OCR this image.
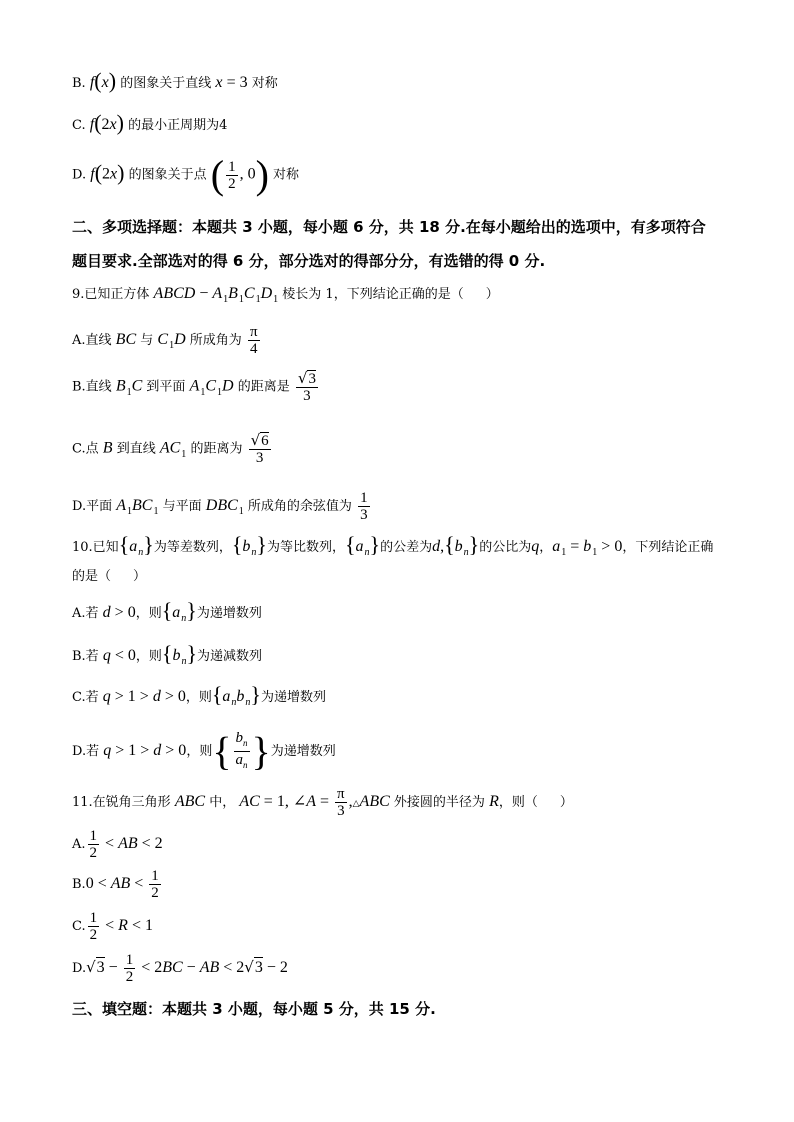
B. f(x) 的图象关于直线 x = 3 对称
C. f(2x) 的最小正周期为4
D. f(2x) 的图象关于点 ( $\frac{1}{2}$ , 0) 对称
二、多项选择题：本题共 3 小题，每小题 6 分，共 18 分.在每小题给出的选项中，有多项符合
题目要求.全部选对的得 6 分，部分选对的得部分分，有选错的得 0 分.
9.已知正方体 ABCD − $A_1B_1C_1D_1$ 棱长为 1，下列结论正确的是（ ）
A.直线 BC 与 $C_1D$ 所成角为 $\frac{\pi}{4}$
B.直线 $B_1C$ 到平面 $A_1C_1D$ 的距离是 $\frac{√3}{3}$
C.点 B 到直线 $AC_1$ 的距离为 $\frac{√6}{3}$
D.平面 $A_1BC_1$ 与平面 $DBC_1$ 所成角的余弦值为 $\frac{1}{3}$
10.已知$\{a_n\}$为等差数列，$\{b_n\}$为等比数列，$\{a_n\}$的公差为$d,\{b_n\}$的公比为q，$a_1 = b_1 > 0$，下列结论正确
的是（ ）
A.若 d > 0，则$\{a_n\}$为递增数列
B.若 q < 0，则$\{b_n\}$为递减数列
C.若 q > 1 > d > 0，则$\{a_nb_n\}$为递增数列
D.若 q > 1 > d > 0，则{ $\frac{b_n}{a_n}$ }为递增数列
11.在锐角三角形 ABC 中， AC = 1, ∠A = $\frac{\pi}{3}$ ,△ABC 外接圆的半径为 R，则（ ）
A. $\frac{1}{2}$ < AB < 2
B.0 < AB < $\frac{1}{2}$
C. $\frac{1}{2} < R < 1$
$D.√3 - \frac{1}{2} < 2BC$ − AB < 2√3 − 2
三、填空题：本题共 3 小题，每小题 5 分，共 15 分.
